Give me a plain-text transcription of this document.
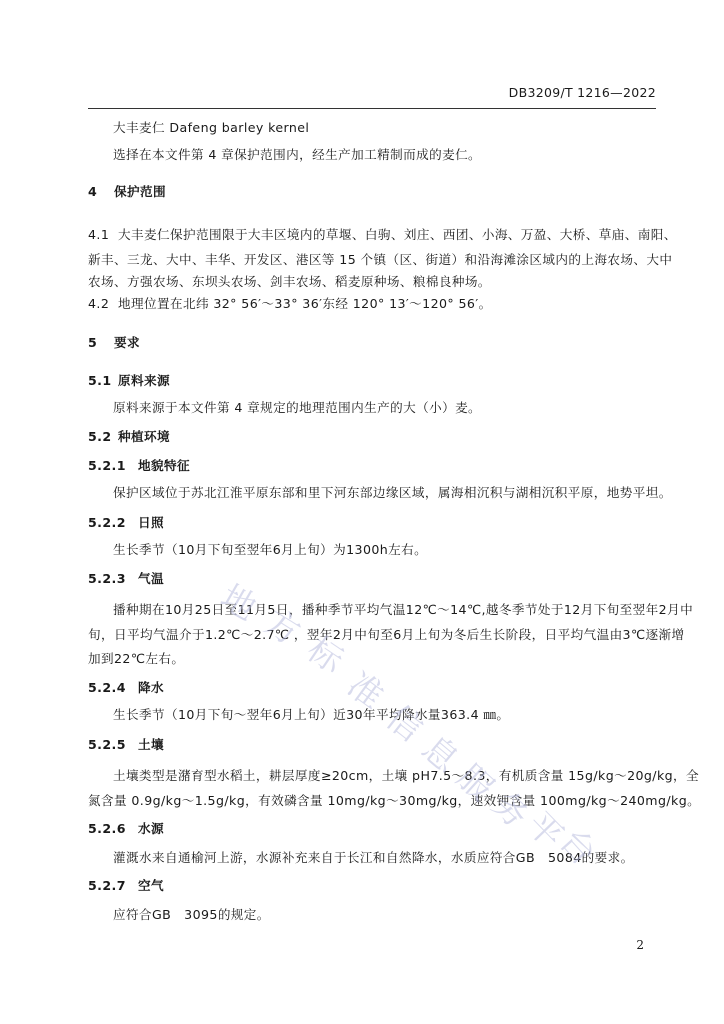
DB3209/T 1216—2022
大丰麦仁 Dafeng barley kernel
选择在本文件第 4 章保护范围内，经生产加工精制而成的麦仁。
4 保护范围
4.1 大丰麦仁保护范围限于大丰区境内的草堰、白驹、刘庄、西团、小海、万盈、大桥、草庙、南阳、
新丰、三龙、大中、丰华、开发区、港区等 15 个镇（区、街道）和沿海滩涂区域内的上海农场、大中
农场、方强农场、东坝头农场、剑丰农场、稻麦原种场、粮棉良种场。
4.2 地理位置在北纬 32° 56′～33° 36′东经 120° 13′～120° 56′。
5 要求
5.1 原料来源
原料来源于本文件第 4 章规定的地理范围内生产的大（小）麦。
5.2 种植环境
5.2.1 地貌特征
保护区域位于苏北江淮平原东部和里下河东部边缘区域，属海相沉积与湖相沉积平原，地势平坦。
5.2.2 日照
生长季节（10月下旬至翌年6月上旬）为1300h左右。
5.2.3 气温
播种期在10月25日至11月5日，播种季节平均气温12℃～14℃,越冬季节处于12月下旬至翌年2月中
旬，日平均气温介于1.2℃～2.7℃ ，翌年2月中旬至6月上旬为冬后生长阶段，日平均气温由3℃逐渐增
加到22℃左右。
5.2.4 降水
生长季节（10月下旬～翌年6月上旬）近30年平均降水量363.4 ㎜。
5.2.5 土壤
土壤类型是潴育型水稻土，耕层厚度≥20cm，土壤 pH7.5～8.3，有机质含量 15g/kg～20g/kg，全
氮含量 0.9g/kg～1.5g/kg，有效磷含量 10mg/kg～30mg/kg，速效钾含量 100mg/kg～240mg/kg。
5.2.6 水源
灌溉水来自通榆河上游，水源补充来自于长江和自然降水，水质应符合GB　5084的要求。
5.2.7 空气
应符合GB　3095的规定。
2
地
方
标
准
信
息
服
务
平
台
